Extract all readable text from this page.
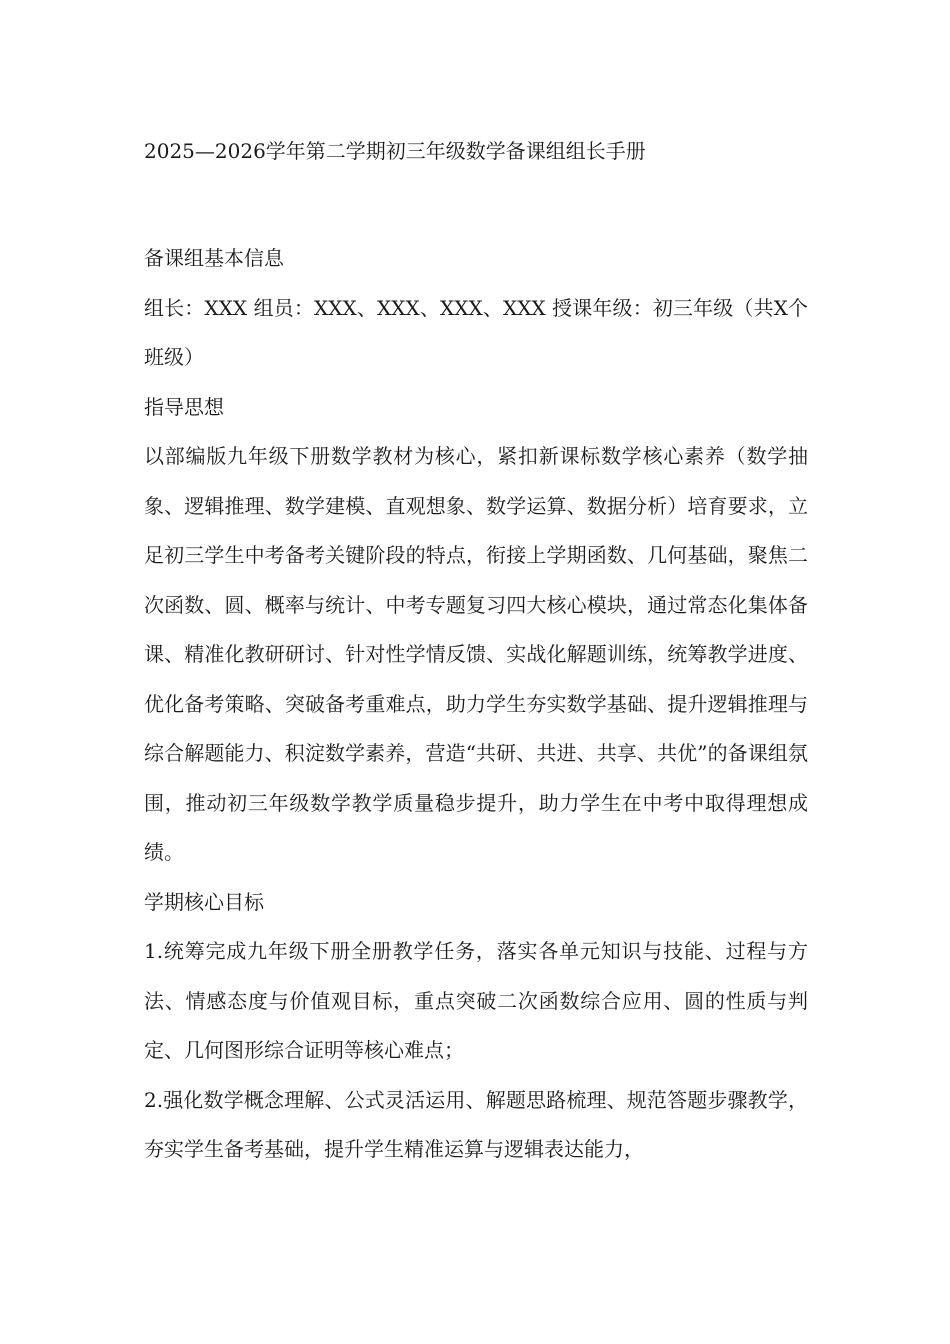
2025—2026学年第二学期初三年级数学备课组组长手册
备课组基本信息

组长：XXX 组员：XXX、XXX、XXX、XXX 授课年级：初三年级（共X个班级）

指导思想

以部编版九年级下册数学教材为核心，紧扣新课标数学核心素养（数学抽象、逻辑推理、数学建模、直观想象、数学运算、数据分析）培育要求，立足初三学生中考备考关键阶段的特点，衔接上学期函数、几何基础，聚焦二次函数、圆、概率与统计、中考专题复习四大核心模块，通过常态化集体备课、精准化教研研讨、针对性学情反馈、实战化解题训练，统筹教学进度、优化备考策略、突破备考重难点，助力学生夯实数学基础、提升逻辑推理与综合解题能力、积淀数学素养，营造“共研、共进、共享、共优”的备课组氛围，推动初三年级数学教学质量稳步提升，助力学生在中考中取得理想成绩。

学期核心目标

1.统筹完成九年级下册全册教学任务，落实各单元知识与技能、过程与方法、情感态度与价值观目标，重点突破二次函数综合应用、圆的性质与判定、几何图形综合证明等核心难点；

2.强化数学概念理解、公式灵活运用、解题思路梳理、规范答题步骤教学，夯实学生备考基础，提升学生精准运算与逻辑表达能力，
